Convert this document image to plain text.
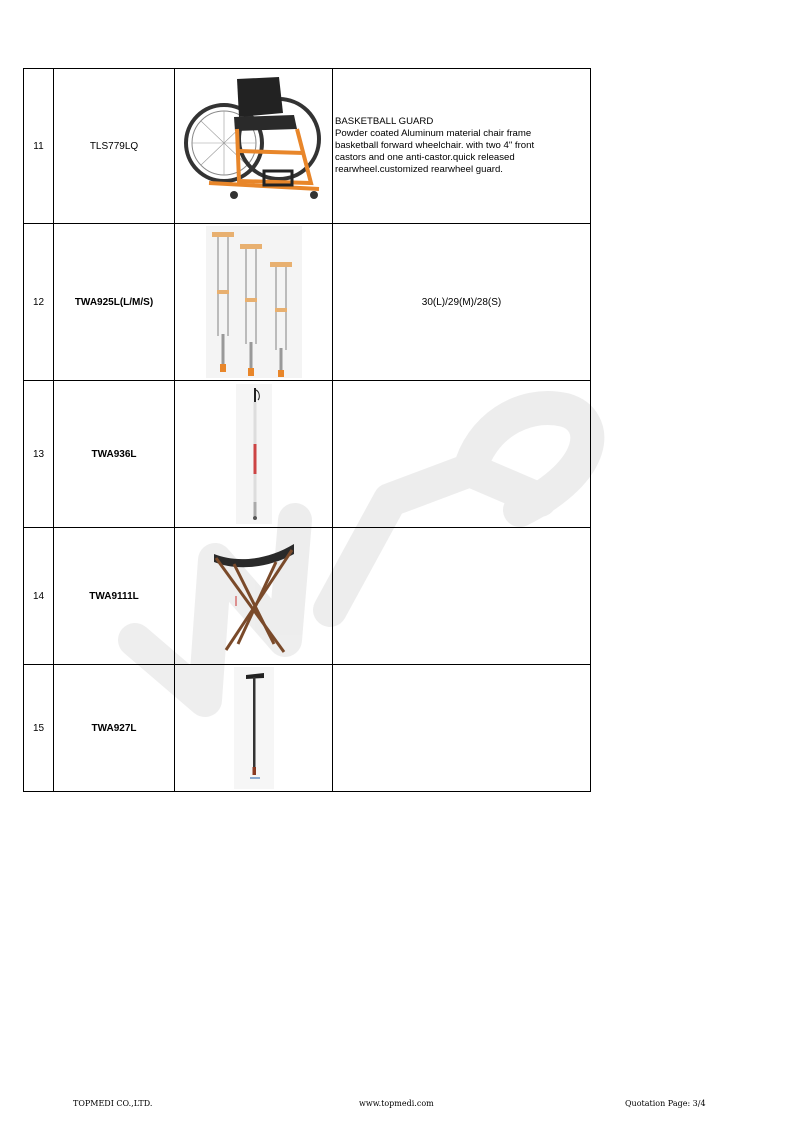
11	TLS779LQ		BASKETBALL GUARD
Powder coated Aluminum material chair frame
basketball forward wheelchair. with two 4" front
castors and one anti-castor.quick released
rearwheel.customized rearwheel guard.

12	TWA925L(L/M/S)		30(L)/29(M)/28(S)
13	TWA936L	

14	TWA9111L	

15	TWA927L	

TOPMEDI CO.,LTD.	www.topmedi.com	Quotation Page: 3/4
